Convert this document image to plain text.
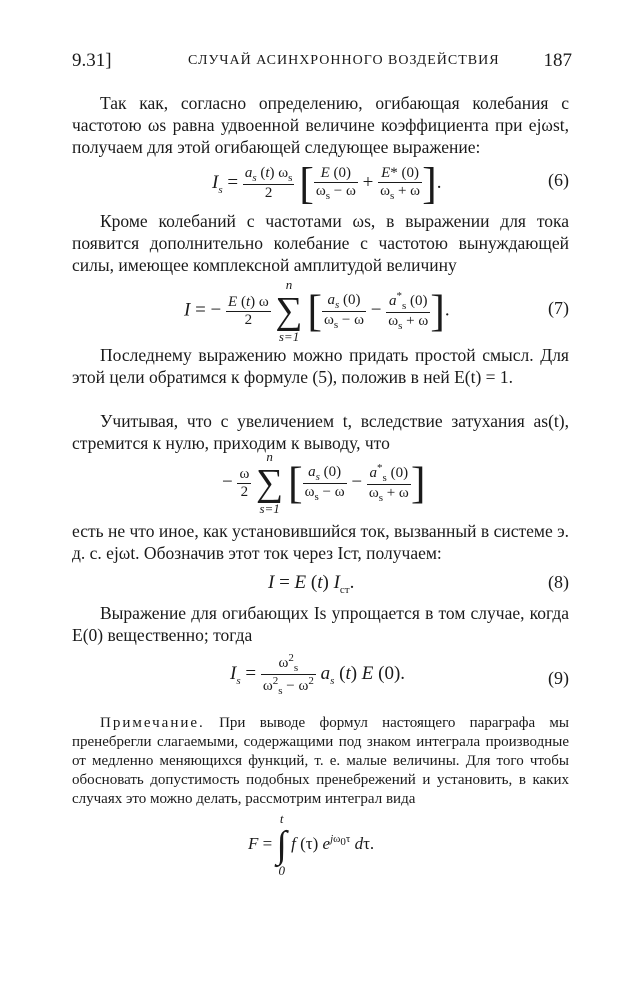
9.31]	СЛУЧАЙ АСИНХРОННОГО ВОЗДЕЙСТВИЯ 187

Так как, согласно определению, огибающая колебания с частотою ωs равна удвоенной величине коэффициента при ejωst, получаем для этой огибающей следующее выражение:

$I_s = \frac{a_s (t) \omega_s}{2}$ [ $\frac{E (0)}{\omega_s - \omega} + \frac{E* (0)}{\omega_s + \omega}$ ].	(6)

Кроме колебаний с частотами ωs, в выражении для тока появится дополнительно колебание с частотою вынуждающей силы, имеющее комплексной амплитудой величину

I = − $\frac{E (t) \omega}{2}$

n
∑
s=1
[ $\frac{a_s (0)}{\omega_s - \omega} - \frac{a^*_s (0)}{\omega_s + \omega}$ ].	(7)

Последнему выражению можно придать простой смысл. Для этой цели обратимся к формуле (5), положив в ней E(t) = 1.

Учитывая, что с увеличением t, вследствие затухания as(t), стремится к нулю, приходим к выводу, что

− $\frac{\omega}{2}$

n
∑
s=1
[ $\frac{a_s (0)}{\omega_s - \omega} - \frac{a^*_s (0)}{\omega_s + \omega}$ ]

есть не что иное, как установившийся ток, вызванный в системе э. д. с. ejωt. Обозначив этот ток через Iст, получаем:

I = E (t) $I_{ст}$.	(8)

Выражение для огибающих Is упрощается в том случае, когда E(0) вещественно; тогда

$I_s = \frac{\omega^2_s}{\omega^2_s - \omega^2} a_s$ (t) E (0).	(9)

Примечание. При выводе формул настоящего параграфа мы пренебрегли слагаемыми, содержащими под знаком интеграла производные от медленно меняющихся функций, т. е. малые величины. Для того чтобы обосновать допустимость подобных пренебрежений и установить, в каких случаях это можно делать, рассмотрим интеграл вида

F =
t
∫
0
f (τ) $e^{j\omega_0\tau}$ dτ.
